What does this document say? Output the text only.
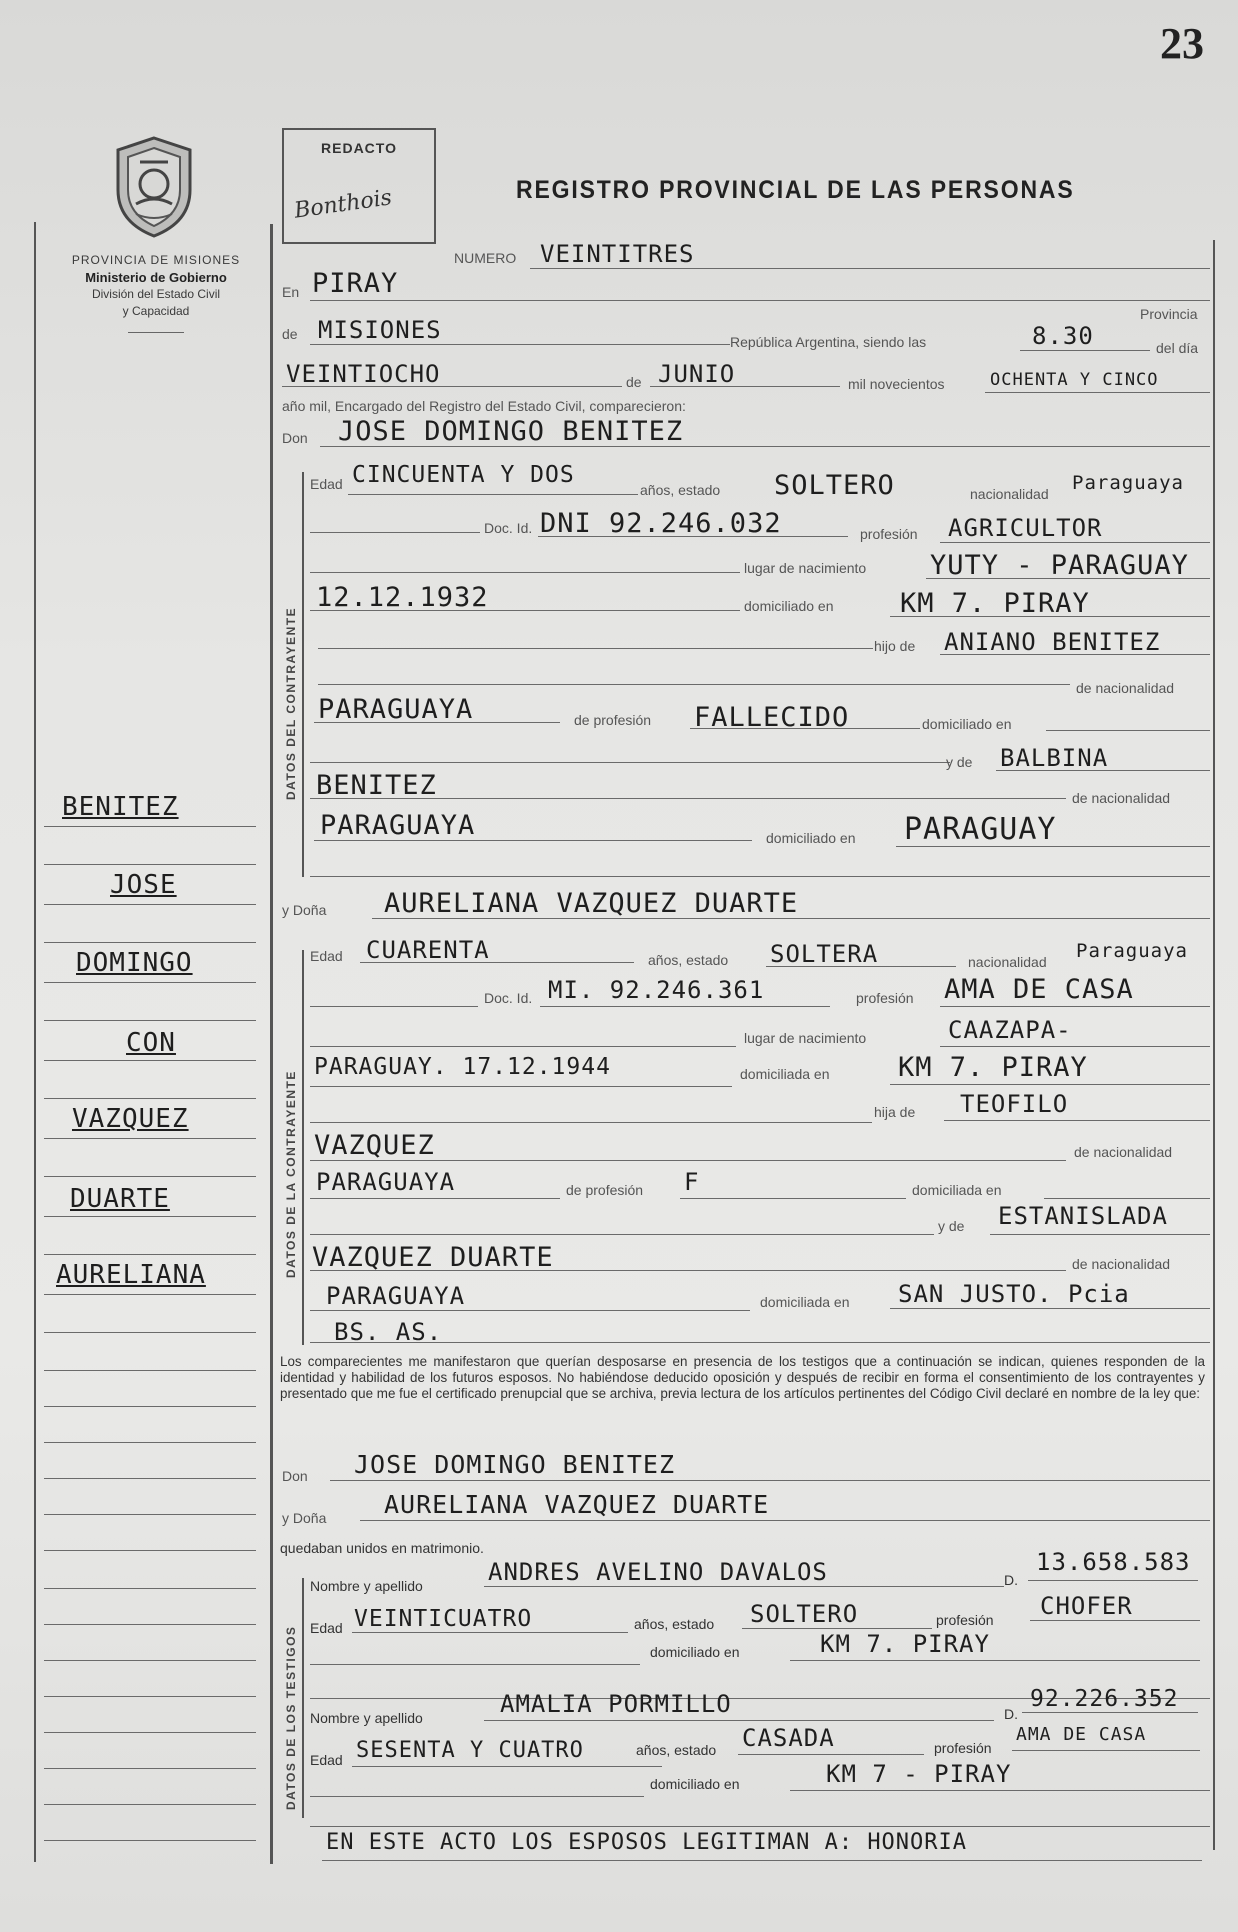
23
PROVINCIA DE MISIONES
Ministerio de Gobierno
División del Estado Civil
y Capacidad
REDACTO
Bonthois	REGISTRO PROVINCIAL DE LAS PERSONAS
DATOS DEL CONTRAYENTE
DATOS DE LA CONTRAYENTE
DATOS DE LOS TESTIGOS
BENITEZ
JOSE
DOMINGO
CON
VAZQUEZ
DUARTE
AURELIANA
NUMERO VEINTITRES
En PIRAY
Provincia
de MISIONES	República Argentina, siendo las	8.30	del día
VEINTIOCHO	de JUNIO	mil novecientos	OCHENTA Y CINCO
año mil, Encargado del Registro del Estado Civil, comparecieron:
Don JOSE DOMINGO BENITEZ
Edad CINCUENTA Y DOS
años, estado SOLTERO	nacionalidad Paraguaya
Doc. Id. DNI 92.246.032	profesión AGRICULTOR
lugar de nacimiento YUTY - PARAGUAY
12.12.1932	domiciliado en KM 7. PIRAY
hijo de ANIANO BENITEZ
de nacionalidad
PARAGUAYA	de profesión FALLECIDO	domiciliado en
y de BALBINA
BENITEZ	de nacionalidad
PARAGUAYA	domiciliado en PARAGUAY
y Doña AURELIANA VAZQUEZ DUARTE
Edad CUARENTA	años, estado SOLTERA	nacionalidad Paraguaya
Doc. Id. MI. 92.246.361	profesión AMA DE CASA
lugar de nacimiento	CAAZAPA-
PARAGUAY. 17.12.1944	domiciliada en	KM 7. PIRAY
hija de TEOFILO
VAZQUEZ	de nacionalidad
PARAGUAYA	de profesión F	domiciliada en
y de ESTANISLADA
VAZQUEZ DUARTE	de nacionalidad
PARAGUAYA	domiciliada en SAN JUSTO. Pcia
BS. AS.
Los comparecientes me manifestaron que querían desposarse en presencia de los testigos que a continuación se indican, quienes responden de la identidad y habilidad de los futuros esposos. No habiéndose deducido oposición y después de recibir en forma el consentimiento de los contrayentes y presentado que me fue el certificado prenupcial que se archiva, previa lectura de los artículos pertinentes del Código Civil declaré en nombre de la ley que:
Don JOSE DOMINGO BENITEZ
y Doña AURELIANA VAZQUEZ DUARTE
quedaban unidos en matrimonio.
Nombre y apellido	ANDRES AVELINO DAVALOS	D.
13.658.583
Edad VEINTICUATRO	años, estado SOLTERO	profesión CHOFER
domiciliado en	KM 7. PIRAY
Nombre y apellido	AMALIA PORMILLO	D.
92.226.352
Edad SESENTA Y CUATRO	años, estado CASADA	profesión
AMA DE CASA
domiciliado en	KM 7 - PIRAY
EN ESTE ACTO LOS ESPOSOS LEGITIMAN A: HONORIA
